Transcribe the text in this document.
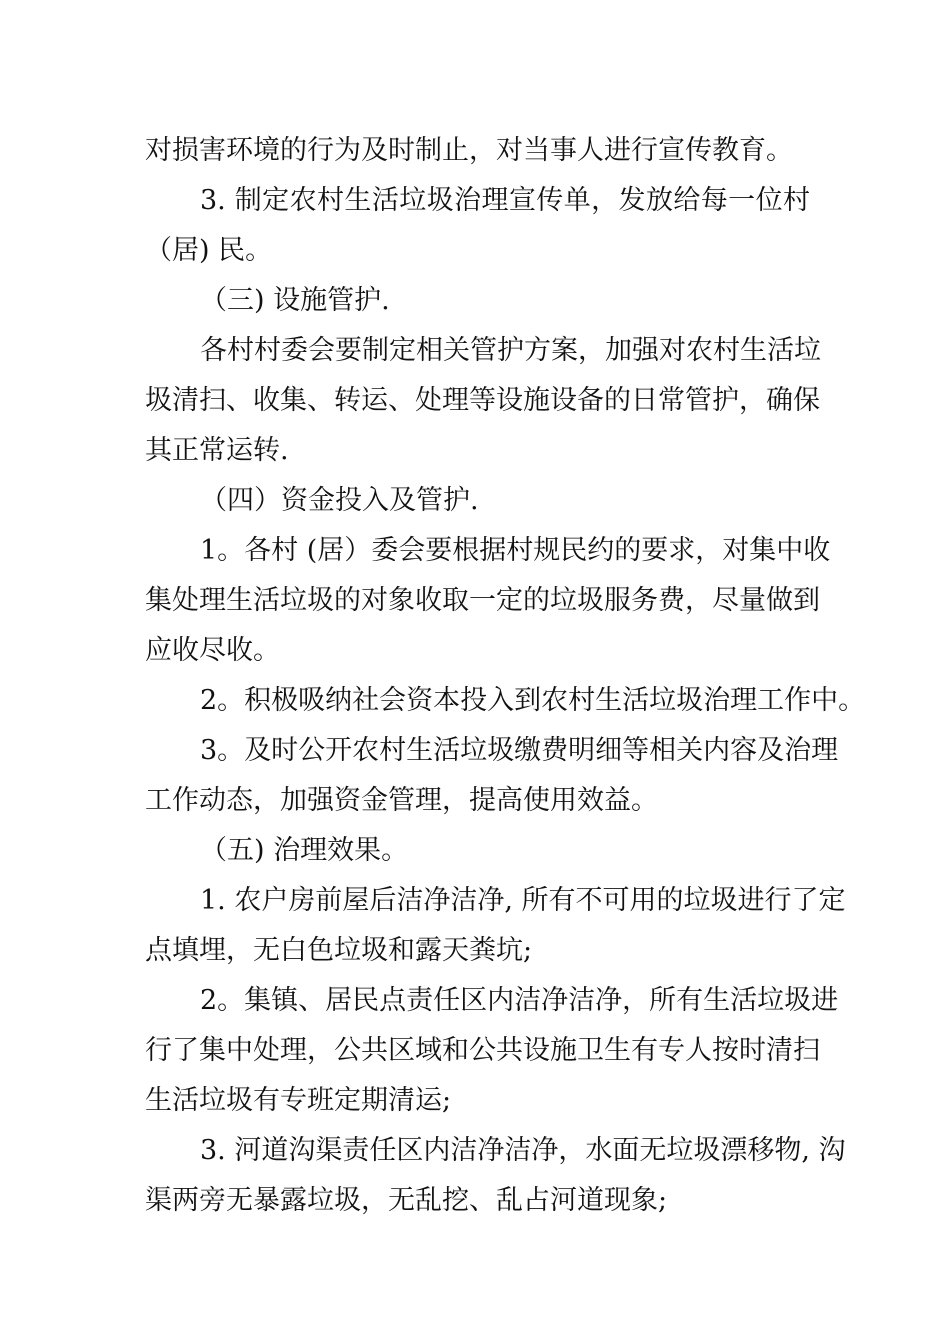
对损害环境的行为及时制止，对当事人进行宣传教育。
3. 制定农村生活垃圾治理宣传单，发放给每一位村
（居) 民。
（三) 设施管护.
各村村委会要制定相关管护方案，加强对农村生活垃
圾清扫、收集、转运、处理等设施设备的日常管护，确保
其正常运转.
（四）资金投入及管护.
1。各村 (居）委会要根据村规民约的要求，对集中收
集处理生活垃圾的对象收取一定的垃圾服务费，尽量做到
应收尽收。
2。积极吸纳社会资本投入到农村生活垃圾治理工作中。
3。及时公开农村生活垃圾缴费明细等相关内容及治理
工作动态，加强资金管理，提高使用效益。
（五) 治理效果。
1. 农户房前屋后洁净洁净, 所有不可用的垃圾进行了定
点填埋，无白色垃圾和露天粪坑;
2。集镇、居民点责任区内洁净洁净，所有生活垃圾进
行了集中处理，公共区域和公共设施卫生有专人按时清扫
生活垃圾有专班定期清运;
3. 河道沟渠责任区内洁净洁净，水面无垃圾漂移物, 沟
渠两旁无暴露垃圾，无乱挖、乱占河道现象;
